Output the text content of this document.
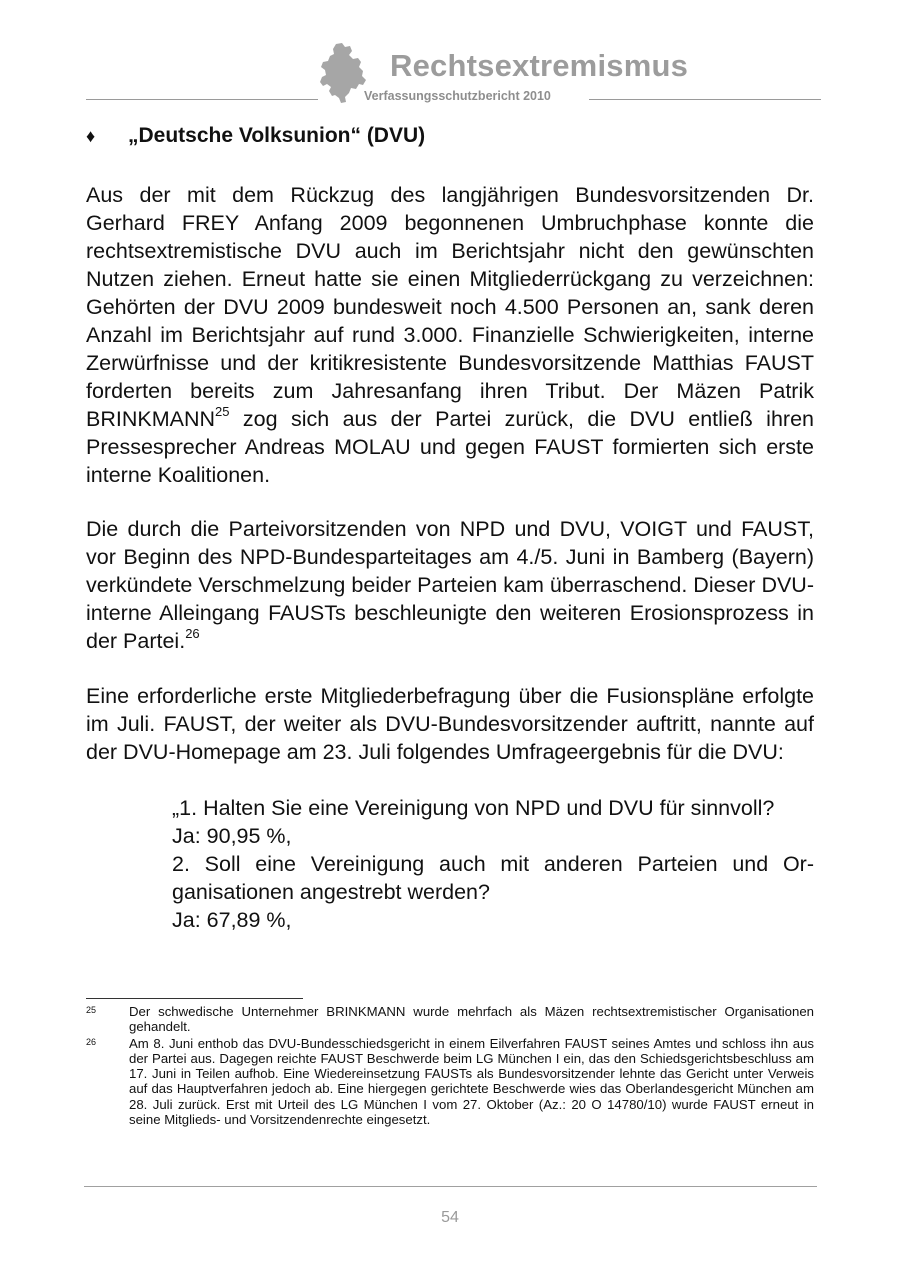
Rechtsextremismus
Verfassungsschutzbericht 2010
♦ „Deutsche Volksunion“ (DVU)
Aus der mit dem Rückzug des langjährigen Bundesvorsitzenden Dr. Gerhard FREY Anfang 2009 begonnenen Umbruchphase konnte die rechtsextremistische DVU auch im Berichtsjahr nicht den gewünschten Nutzen ziehen. Erneut hatte sie einen Mitgliederrückgang zu verzeichnen: Gehörten der DVU 2009 bundesweit noch 4.500 Personen an, sank deren Anzahl im Berichtsjahr auf rund 3.000. Finanzielle Schwierigkeiten, interne Zerwürfnisse und der kritikresistente Bundesvorsitzende Matthias FAUST forderten bereits zum Jahresanfang ihren Tribut. Der Mäzen Patrik BRINKMANN$^{25}$ zog sich aus der Partei zurück, die DVU entließ ihren Pressesprecher Andreas MOLAU und gegen FAUST formierten sich erste interne Koalitionen.
Die durch die Parteivorsitzenden von NPD und DVU, VOIGT und FAUST, vor Beginn des NPD-Bundesparteitages am 4./5. Juni in Bamberg (Bayern) verkündete Verschmelzung beider Parteien kam überraschend. Dieser DVU-interne Alleingang FAUSTs beschleunigte den weiteren Erosionsprozess in der Partei.$^{26}$
Eine erforderliche erste Mitgliederbefragung über die Fusionspläne erfolgte im Juli. FAUST, der weiter als DVU-Bundesvorsitzender auftritt, nannte auf der DVU-Homepage am 23. Juli folgendes Umfrageergebnis für die DVU:
„1. Halten Sie eine Vereinigung von NPD und DVU für sinnvoll?
Ja: 90,95 %,
2. Soll eine Vereinigung auch mit anderen Parteien und Organisationen angestrebt werden?
Ja: 67,89 %,
25	Der schwedische Unternehmer BRINKMANN wurde mehrfach als Mäzen rechtsextremistischer Organisationen gehandelt.
26	Am 8. Juni enthob das DVU-Bundesschiedsgericht in einem Eilverfahren FAUST seines Amtes und schloss ihn aus der Partei aus. Dagegen reichte FAUST Beschwerde beim LG München I ein, das den Schiedsgerichtsbeschluss am 17. Juni in Teilen aufhob. Eine Wiedereinsetzung FAUSTs als Bundesvorsitzender lehnte das Gericht unter Verweis auf das Hauptverfahren jedoch ab. Eine hiergegen gerichtete Beschwerde wies das Oberlandesgericht München am 28. Juli zurück. Erst mit Urteil des LG München I vom 27. Oktober (Az.: 20 O 14780/10) wurde FAUST erneut in seine Mitglieds- und Vorsitzendenrechte eingesetzt.
54
